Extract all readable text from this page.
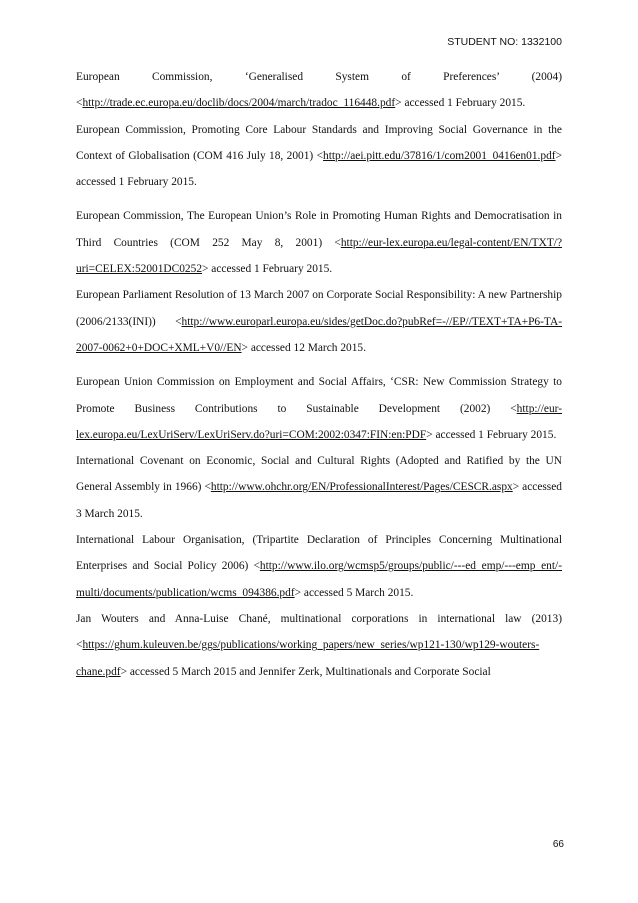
STUDENT NO: 1332100

European Commission, ‘Generalised System of Preferences’ (2004) <http://trade.ec.europa.eu/doclib/docs/2004/march/tradoc_116448.pdf> accessed 1 February 2015.

European Commission, Promoting Core Labour Standards and Improving Social Governance in the Context of Globalisation (COM 416 July 18, 2001) <http://aei.pitt.edu/37816/1/com2001_0416en01.pdf> accessed 1 February 2015.

European Commission, The European Union’s Role in Promoting Human Rights and Democratisation in Third Countries (COM 252 May 8, 2001) <http://eur-lex.europa.eu/legal-content/EN/TXT/?uri=CELEX:52001DC0252> accessed 1 February 2015.

European Parliament Resolution of 13 March 2007 on Corporate Social Responsibility: A new Partnership (2006/2133(INI)) <http://www.europarl.europa.eu/sides/getDoc.do?pubRef=-//EP//TEXT+TA+P6-TA-2007-0062+0+DOC+XML+V0//EN> accessed 12 March 2015.

European Union Commission on Employment and Social Affairs, ‘CSR: New Commission Strategy to Promote Business Contributions to Sustainable Development (2002) <http://eur-lex.europa.eu/LexUriServ/LexUriServ.do?uri=COM:2002:0347:FIN:en:PDF> accessed 1 February 2015.

International Covenant on Economic, Social and Cultural Rights (Adopted and Ratified by the UN General Assembly in 1966) <http://www.ohchr.org/EN/ProfessionalInterest/Pages/CESCR.aspx> accessed 3 March 2015.

International Labour Organisation, (Tripartite Declaration of Principles Concerning Multinational Enterprises and Social Policy 2006) <http://www.ilo.org/wcmsp5/groups/public/---ed_emp/---emp_ent/-multi/documents/publication/wcms_094386.pdf> accessed 5 March 2015.

Jan Wouters and Anna-Luise Chané, multinational corporations in international law (2013) <https://ghum.kuleuven.be/ggs/publications/working_papers/new_series/wp121-130/wp129-wouters-chane.pdf> accessed 5 March 2015 and Jennifer Zerk, Multinationals and Corporate Social

66
